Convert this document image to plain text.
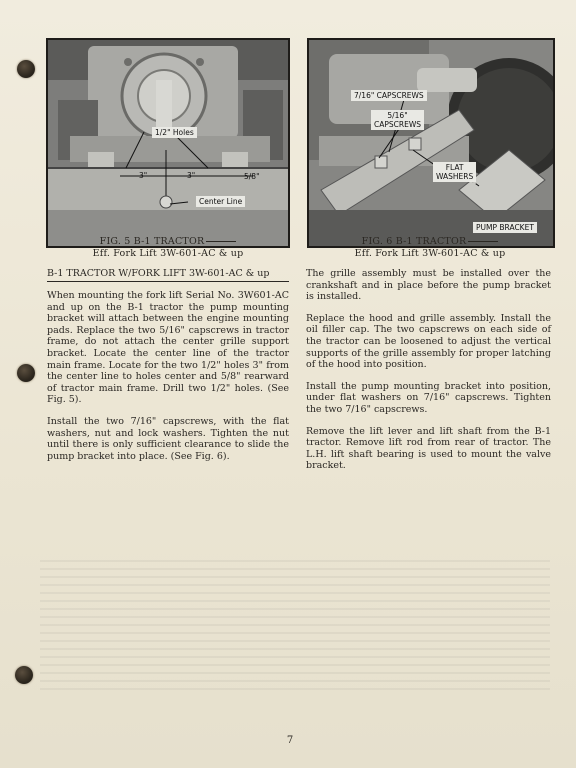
1/2" Holes
3"	3"	5/8"
Center Line
7/16" CAPSCREWS
5/16"
CAPSCREWS
FLAT
WASHERS
PUMP BRACKET
FIG. 5 B-1 TRACTOR
Eff. Fork Lift 3W-601-AC & up
FIG. 6 B-1 TRACTOR
Eff. Fork Lift 3W-601-AC & up
B-1 TRACTOR W/FORK LIFT 3W-601-AC & up

When mounting the fork lift Serial No. 3W601-AC and up on the B-1 tractor the pump mounting bracket will attach between the engine mounting pads. Replace the two 5/16" capscrews in tractor frame, do not attach the center grille support bracket. Locate the center line of the tractor main frame. Locate for the two 1/2" holes 3" from the center line to holes center and 5/8" rearward of tractor main frame. Drill two 1/2" holes. (See Fig. 5).

Install the two 7/16" capscrews, with the flat washers, nut and lock washers. Tighten the nut until there is only sufficient clearance to slide the pump bracket into place. (See Fig. 6).

The grille assembly must be installed over the crankshaft and in place before the pump bracket is installed.

Replace the hood and grille assembly. Install the oil filler cap. The two capscrews on each side of the tractor can be loosened to adjust the vertical supports of the grille assembly for proper latching of the hood into position.

Install the pump mounting bracket into position, under flat washers on 7/16" capscrews. Tighten the two 7/16" capscrews.

Remove the lift lever and lift shaft from the B-1 tractor. Remove lift rod from rear of tractor. The L.H. lift shaft bearing is used to mount the valve bracket.

7
